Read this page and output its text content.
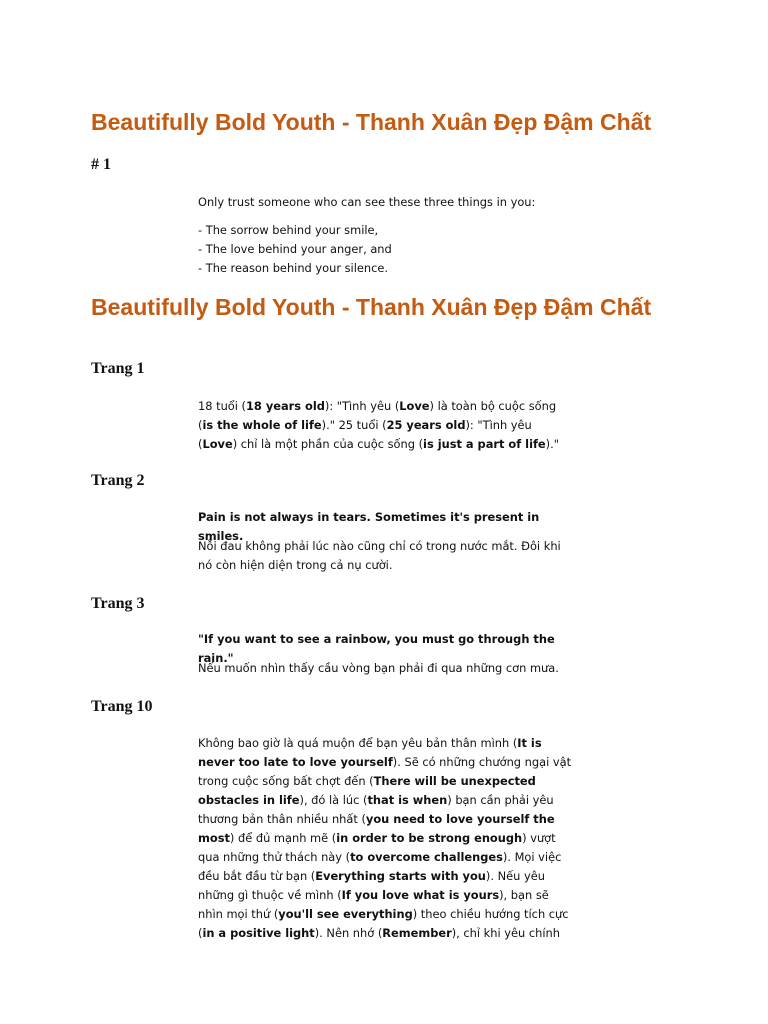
Beautifully Bold Youth - Thanh Xuân Đẹp Đậm Chất
# 1

Only trust someone who can see these three things in you:

- The sorrow behind your smile,
- The love behind your anger, and
- The reason behind your silence.

Beautifully Bold Youth - Thanh Xuân Đẹp Đậm Chất
Trang 1

18 tuổi (18 years old): "Tình yêu (Love) là toàn bộ cuộc sống (is the whole of life)." 25 tuổi (25 years old): "Tình yêu (Love) chỉ là một phần của cuộc sống (is just a part of life)."

Trang 2

Pain is not always in tears. Sometimes it's present in smiles.

Nỗi đau không phải lúc nào cũng chỉ có trong nước mắt. Đôi khi nó còn hiện diện trong cả nụ cười.

Trang 3

"If you want to see a rainbow, you must go through the rain."

Nếu muốn nhìn thấy cầu vòng bạn phải đi qua những cơn mưa.

Trang 10

Không bao giờ là quá muộn để bạn yêu bản thân mình (It is never too late to love yourself). Sẽ có những chướng ngại vật trong cuộc sống bất chợt đến (There will be unexpected obstacles in life), đó là lúc (that is when) bạn cần phải yêu thương bản thân nhiều nhất (you need to love yourself the most) để đủ mạnh mẽ (in order to be strong enough) vượt qua những thử thách này (to overcome challenges). Mọi việc đều bắt đầu từ bạn (Everything starts with you). Nếu yêu những gì thuộc về mình (If you love what is yours), bạn sẽ nhìn mọi thứ (you'll see everything) theo chiều hướng tích cực (in a positive light). Nên nhớ (Remember), chỉ khi yêu chính
